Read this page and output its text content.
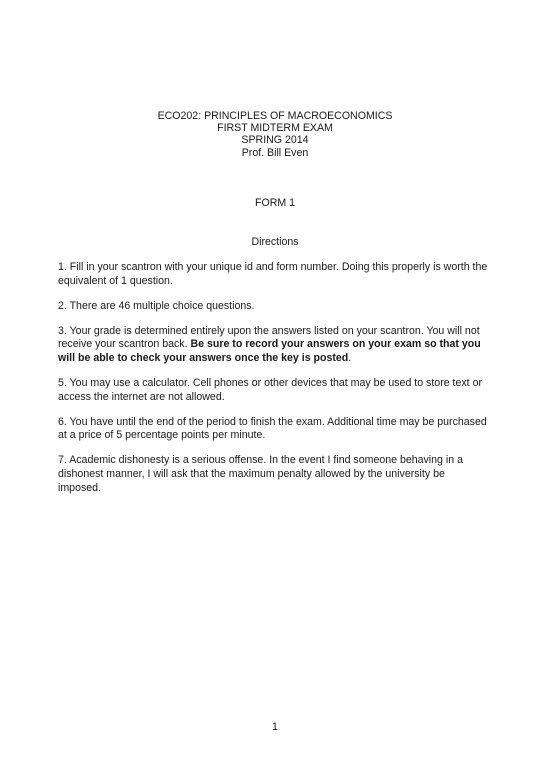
ECO202: PRINCIPLES OF MACROECONOMICS
FIRST MIDTERM EXAM
SPRING 2014
Prof. Bill Even
FORM 1
Directions

1. Fill in your scantron with your unique id and form number. Doing this properly is worth the equivalent of 1 question.

2. There are 46 multiple choice questions.

3. Your grade is determined entirely upon the answers listed on your scantron. You will not receive your scantron back. Be sure to record your answers on your exam so that you will be able to check your answers once the key is posted.

5. You may use a calculator. Cell phones or other devices that may be used to store text or access the internet are not allowed.

6. You have until the end of the period to finish the exam. Additional time may be purchased at a price of 5 percentage points per minute.

7. Academic dishonesty is a serious offense. In the event I find someone behaving in a dishonest manner, I will ask that the maximum penalty allowed by the university be imposed.

1
